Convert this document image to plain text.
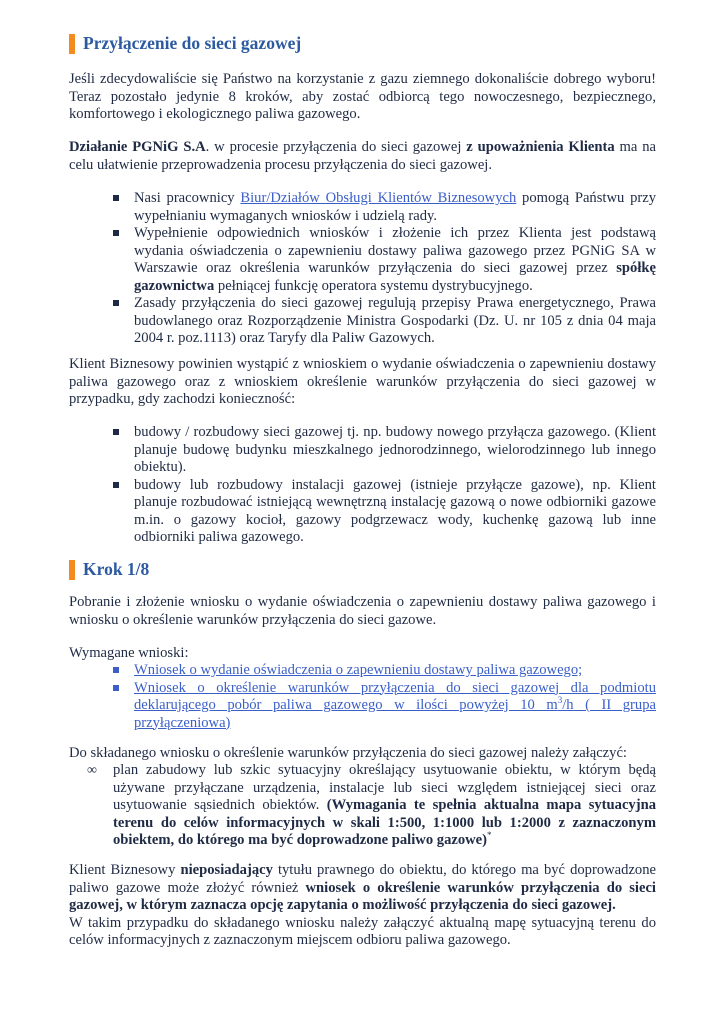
Przyłączenie do sieci gazowej

Jeśli zdecydowaliście się Państwo na korzystanie z gazu ziemnego dokonaliście dobrego wyboru! Teraz pozostało jedynie 8 kroków, aby zostać odbiorcą tego nowoczesnego, bezpiecznego, komfortowego i ekologicznego paliwa gazowego.

Działanie PGNiG S.A. w procesie przyłączenia do sieci gazowej z upoważnienia Klienta ma na celu ułatwienie przeprowadzenia procesu przyłączenia do sieci gazowej.

Nasi pracownicy Biur/Działów Obsługi Klientów Biznesowych pomogą Państwu przy wypełnianiu wymaganych wniosków i udzielą rady.
Wypełnienie odpowiednich wniosków i złożenie ich przez Klienta jest podstawą wydania oświadczenia o zapewnieniu dostawy paliwa gazowego przez PGNiG SA w Warszawie oraz określenia warunków przyłączenia do sieci gazowej przez spółkę gazownictwa pełniącej funkcję operatora systemu dystrybucyjnego.
Zasady przyłączenia do sieci gazowej regulują przepisy Prawa energetycznego, Prawa budowlanego oraz Rozporządzenie Ministra Gospodarki (Dz. U. nr 105 z dnia 04 maja 2004 r. poz.1113) oraz Taryfy dla Paliw Gazowych.

Klient Biznesowy powinien wystąpić z wnioskiem o wydanie oświadczenia o zapewnieniu dostawy paliwa gazowego oraz z wnioskiem określenie warunków przyłączenia do sieci gazowej w przypadku, gdy zachodzi konieczność:

budowy / rozbudowy sieci gazowej tj. np. budowy nowego przyłącza gazowego. (Klient planuje budowę budynku mieszkalnego jednorodzinnego, wielorodzinnego lub innego obiektu).
budowy lub rozbudowy instalacji gazowej (istnieje przyłącze gazowe), np. Klient planuje rozbudować istniejącą wewnętrzną instalację gazową o nowe odbiorniki gazowe m.in. o gazowy kocioł, gazowy podgrzewacz wody, kuchenkę gazową lub inne odbiorniki paliwa gazowego.
Krok 1/8

Pobranie i złożenie wniosku o wydanie oświadczenia o zapewnieniu dostawy paliwa gazowego i wniosku o określenie warunków przyłączenia do sieci gazowe.

Wymagane wnioski:

Wniosek o wydanie oświadczenia o zapewnieniu dostawy paliwa gazowego;
Wniosek o określenie warunków przyłączenia do sieci gazowej dla podmiotu deklarującego pobór paliwa gazowego w ilości powyżej 10 m$^3$/h ( II grupa przyłączeniowa)

Do składanego wniosku o określenie warunków przyłączenia do sieci gazowej należy załączyć:

∞ plan zabudowy lub szkic sytuacyjny określający usytuowanie obiektu, w którym będą używane przyłączane urządzenia, instalacje lub sieci względem istniejącej sieci oraz usytuowanie sąsiednich obiektów. (Wymagania te spełnia aktualna mapa sytuacyjna terenu do celów informacyjnych w skali 1:500, 1:1000 lub 1:2000 z zaznaczonym obiektem, do którego ma być doprowadzone paliwo gazowe)*

Klient Biznesowy nieposiadający tytułu prawnego do obiektu, do którego ma być doprowadzone paliwo gazowe może złożyć również wniosek o określenie warunków przyłączenia do sieci gazowej, w którym zaznacza opcję zapytania o możliwość przyłączenia do sieci gazowej.

W takim przypadku do składanego wniosku należy załączyć aktualną mapę sytuacyjną terenu do celów informacyjnych z zaznaczonym miejscem odbioru paliwa gazowego.
